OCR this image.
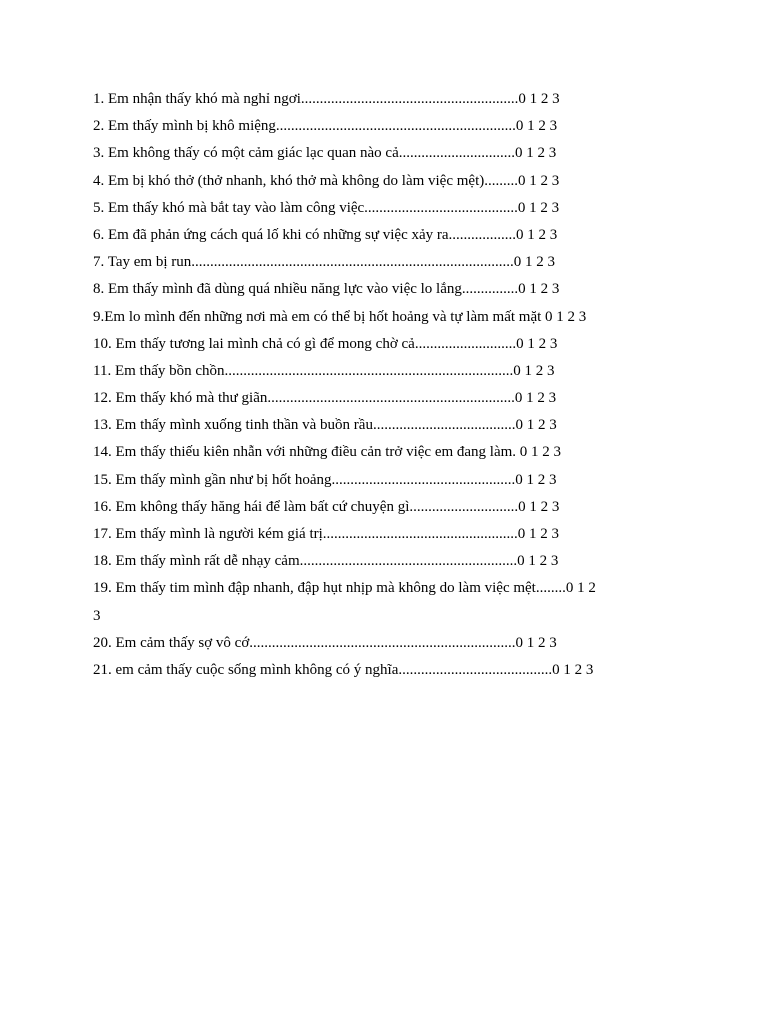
1. Em nhận thấy khó mà nghỉ ngơi..........................................................0 1 2 3
2. Em thấy mình bị khô miệng................................................................0 1 2 3
3. Em không thấy có một cảm giác lạc quan nào cả...............................0 1 2 3
4. Em bị khó thở (thở nhanh, khó thở mà không do làm việc mệt).........0 1 2 3
5. Em thấy khó mà bắt tay vào làm công việc.........................................0 1 2 3
6. Em đã phản ứng cách quá lố khi có những sự việc xảy ra..................0 1 2 3
7. Tay em bị run......................................................................................0 1 2 3
8. Em thấy mình đã dùng quá nhiều năng lực vào việc lo lắng...............0 1 2 3
9.Em lo mình đến những nơi mà em có thể bị hốt hoảng và tự làm mất mặt 0 1 2 3
10. Em thấy tương lai mình chả có gì để mong chờ cả...........................0 1 2 3
11. Em thấy bồn chồn.............................................................................0 1 2 3
12. Em thấy khó mà thư giãn..................................................................0 1 2 3
13. Em thấy mình xuống tinh thần và buồn rầu......................................0 1 2 3
14. Em thấy thiếu kiên nhẫn với những điều cản trở việc em đang làm. 0 1 2 3
15. Em thấy mình gần như bị hốt hoảng.................................................0 1 2 3
16. Em không thấy hăng hái để làm bất cứ chuyện gì.............................0 1 2 3
17. Em thấy mình là người kém giá trị....................................................0 1 2 3
18. Em thấy mình rất dễ nhạy cảm..........................................................0 1 2 3
19. Em thấy tim mình đập nhanh, đập hụt nhịp mà không do làm việc mệt........0 1 2
3
20. Em cảm thấy sợ vô cớ.......................................................................0 1 2 3
21. em cảm thấy cuộc sống mình không có ý nghĩa.........................................0 1 2 3
